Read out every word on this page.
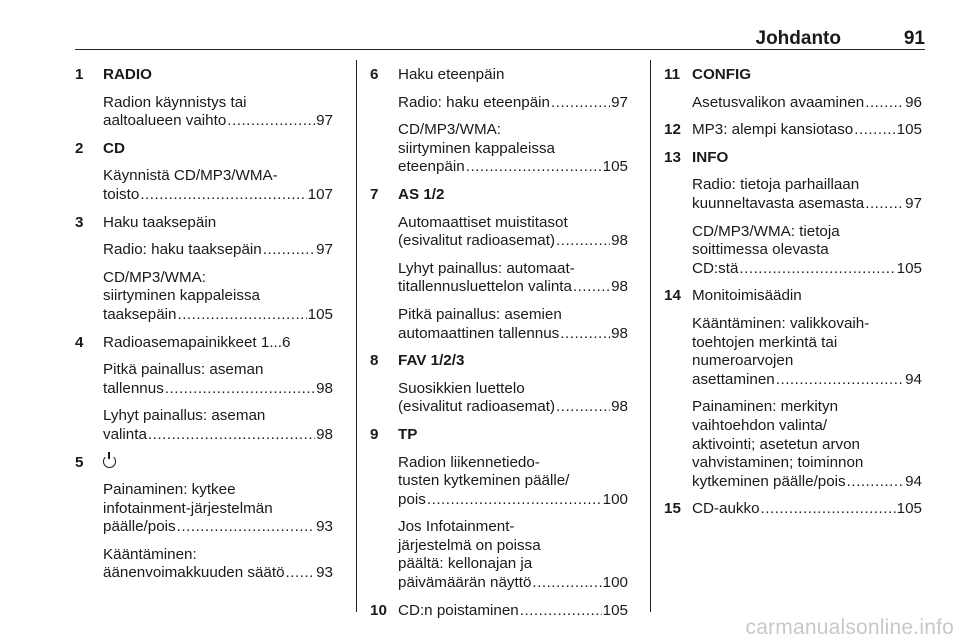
Johdanto	91
1 RADIO
Radion käynnistys tai
aaltoalueen vaihto .....	97
2 CD
Käynnistä CD/MP3/WMA-
toisto .....	107
3 Haku taaksepäin
Radio: haku taaksepäin .....	97
CD/MP3/WMA:
siirtyminen kappaleissa
taaksepäin .....	105
4 Radioasemapainikkeet 1...6
Pitkä painallus: aseman
tallennus .....	98
Lyhyt painallus: aseman
valinta .....	98
5
Painaminen: kytkee
infotainment-järjestelmän
päälle/pois .....	93
Kääntäminen:
äänenvoimakkuuden säätö ..... 93
6 Haku eteenpäin
Radio: haku eteenpäin .....	97
CD/MP3/WMA:
siirtyminen kappaleissa
eteenpäin .....	105
7 AS 1/2
Automaattiset muistitasot
(esivalitut radioasemat) .....	98
Lyhyt painallus: automaat-
titallennusluettelon valinta .....	98
Pitkä painallus: asemien
automaattinen tallennus .....	98
8 FAV 1/2/3
Suosikkien luettelo
(esivalitut radioasemat) .....	98
9 TP
Radion liikennetiedo-
tusten kytkeminen päälle/
pois .....	100
Jos Infotainment-
järjestelmä on poissa
päältä: kellonajan ja
päivämäärän näyttö .....	100
10 CD:n poistaminen .....	105
11 CONFIG
Asetusvalikon avaaminen .....	96
12 MP3: alempi kansiotaso .....	105
13 INFO
Radio: tietoja parhaillaan
kuunneltavasta asemasta .....	97
CD/MP3/WMA: tietoja
soittimessa olevasta
CD:stä .....	105
14 Monitoimisäädin
Kääntäminen: valikkovaih-
toehtojen merkintä tai
numeroarvojen
asettaminen .....	94
Painaminen: merkityn
vaihtoehdon valinta/
aktivointi; asetetun arvon
vahvistaminen; toiminnon
kytkeminen päälle/pois .....	94
15 CD-aukko .....	105
carmanualsonline.info
